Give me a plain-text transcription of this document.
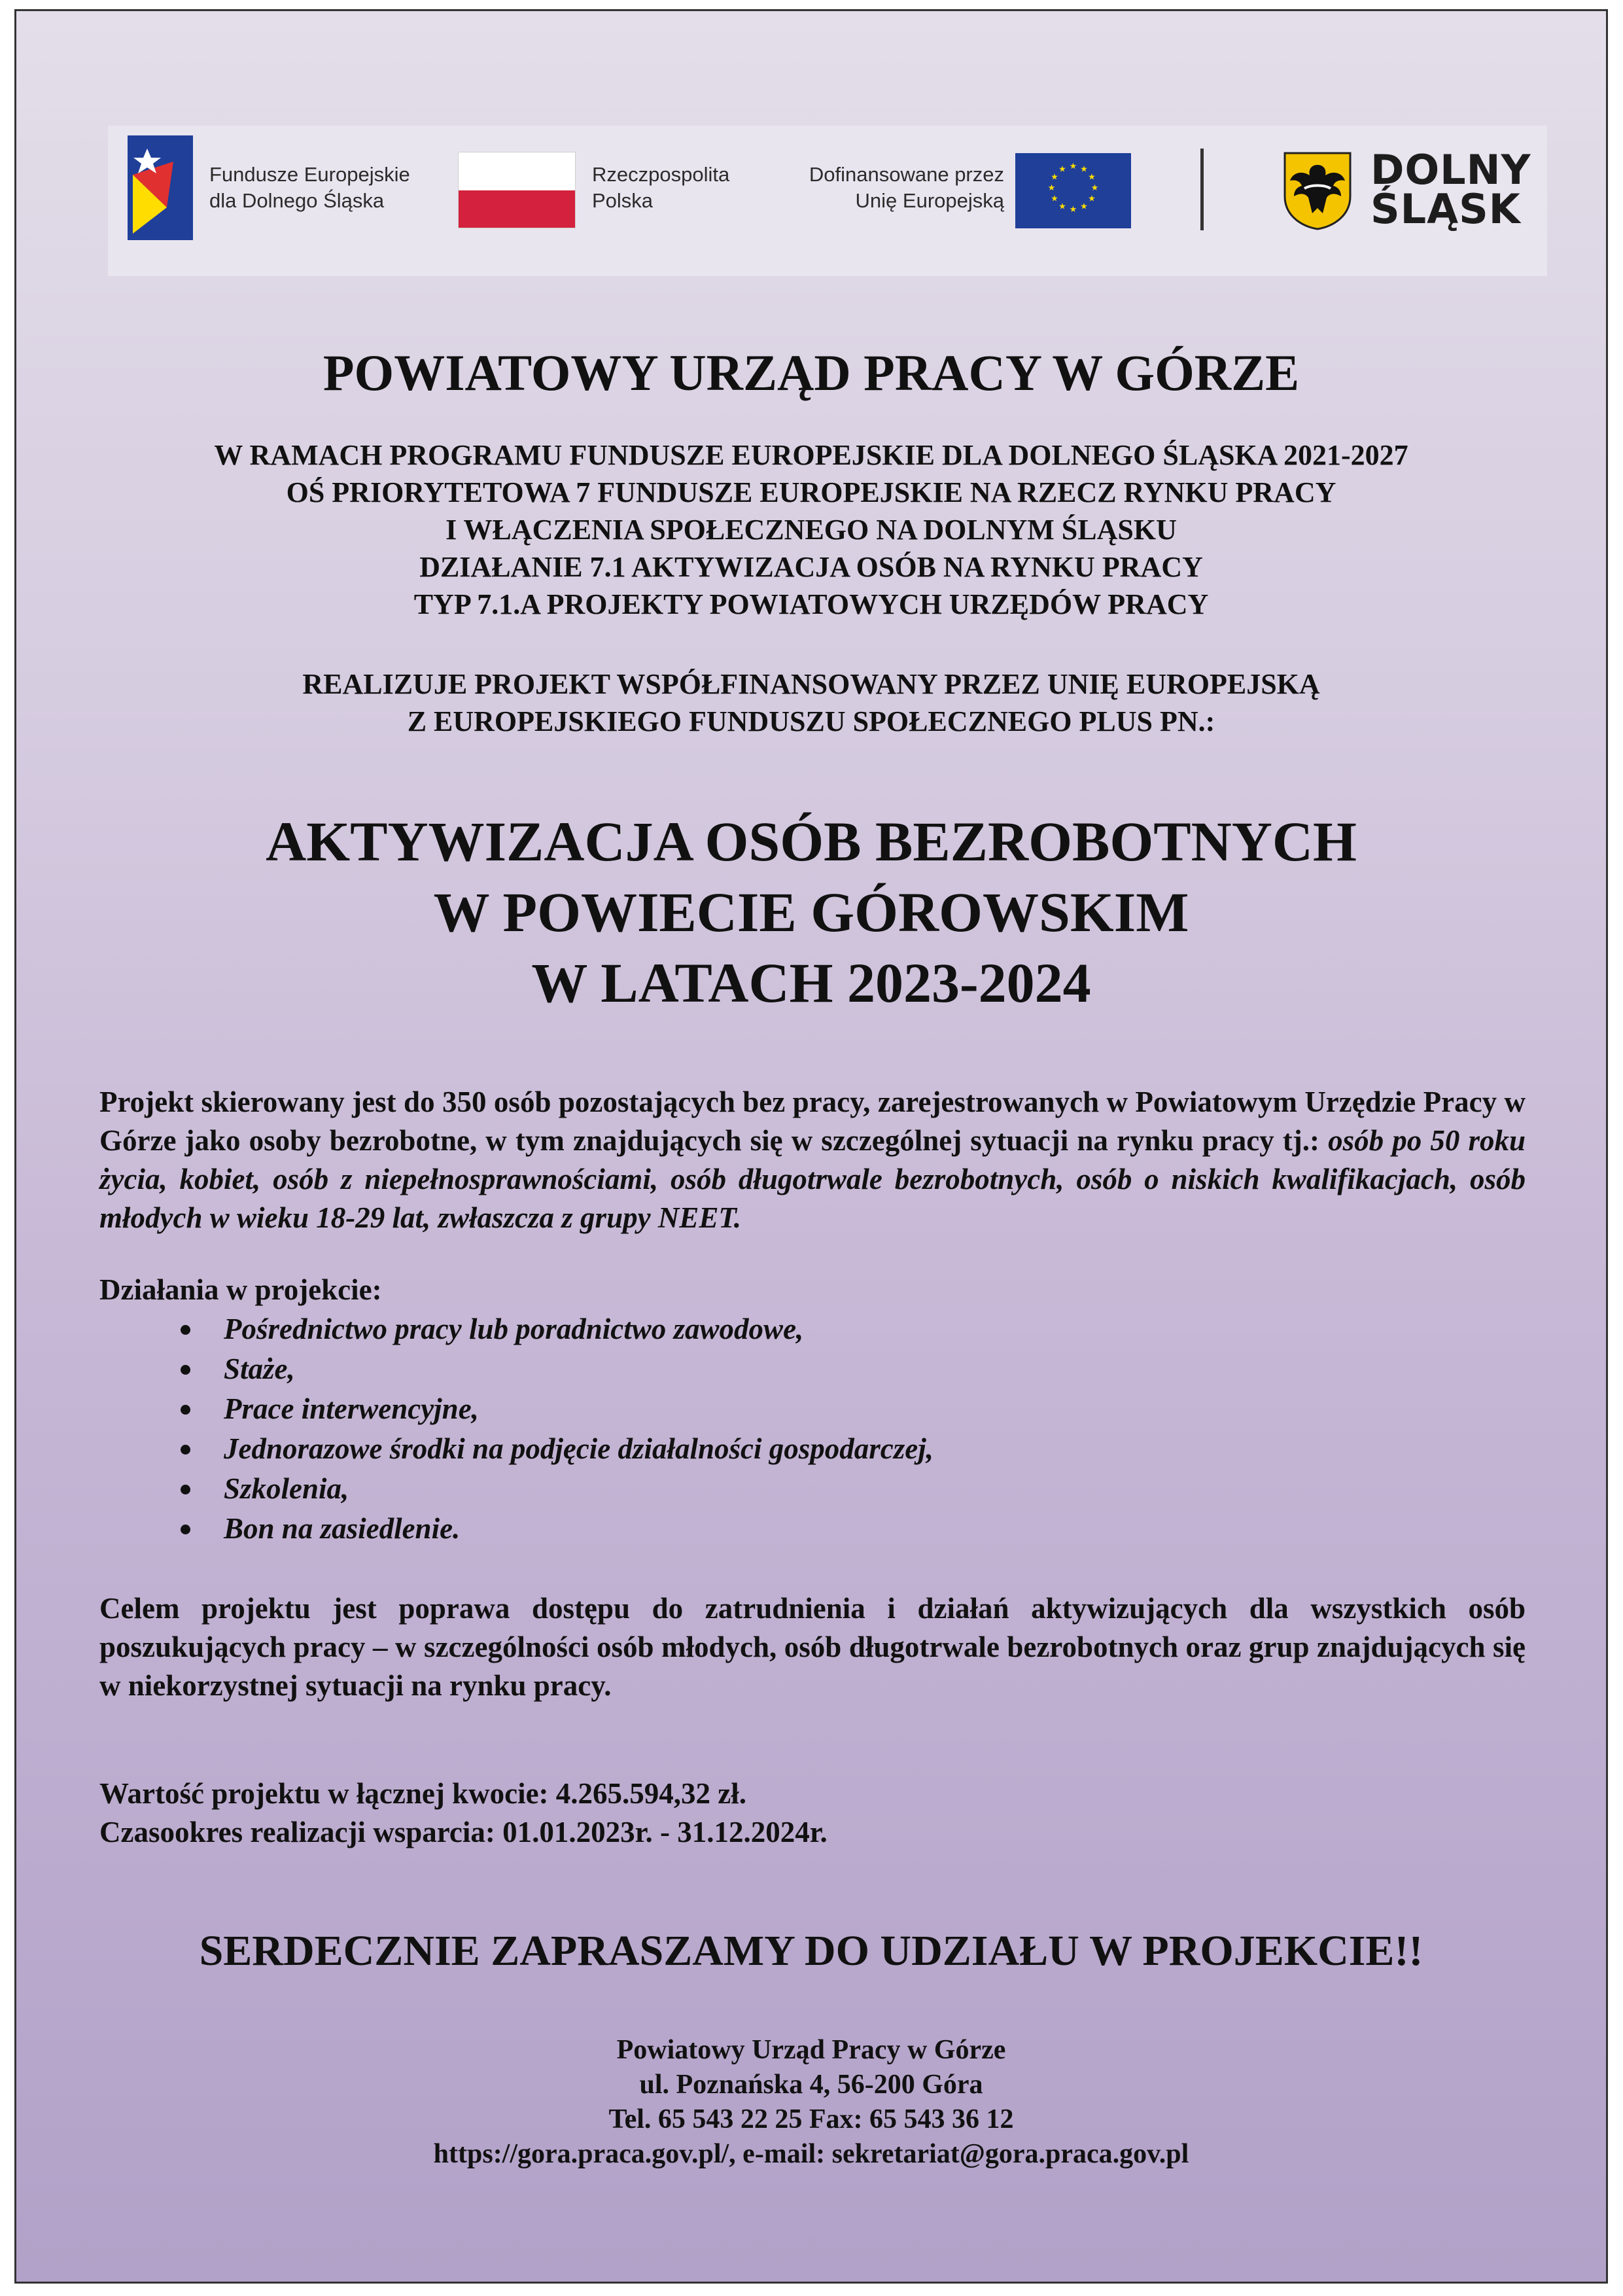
Fundusze Europejskie
dla Dolnego Śląska
Rzeczpospolita
Polska
Dofinansowane przez
Unię Europejską
★ ★
★
★
★
★
★
★
★
★
★
★	DOLNY
ŚLĄSK
POWIATOWY URZĄD PRACY W GÓRZE
W RAMACH PROGRAMU FUNDUSZE EUROPEJSKIE DLA DOLNEGO ŚLĄSKA 2021-2027
OŚ PRIORYTETOWA 7 FUNDUSZE EUROPEJSKIE NA RZECZ RYNKU PRACY
I WŁĄCZENIA SPOŁECZNEGO NA DOLNYM ŚLĄSKU
DZIAŁANIE 7.1 AKTYWIZACJA OSÓB NA RYNKU PRACY
TYP 7.1.A PROJEKTY POWIATOWYCH URZĘDÓW PRACY
REALIZUJE PROJEKT WSPÓŁFINANSOWANY PRZEZ UNIĘ EUROPEJSKĄ
Z EUROPEJSKIEGO FUNDUSZU SPOŁECZNEGO PLUS PN.:
AKTYWIZACJA OSÓB BEZROBOTNYCH
W POWIECIE GÓROWSKIM
W LATACH 2023-2024
Projekt skierowany jest do 350 osób pozostających bez pracy, zarejestrowanych w Powiatowym Urzędzie Pracy w Górze jako osoby bezrobotne, w tym znajdujących się w szczególnej sytuacji na rynku pracy tj.: osób po 50 roku życia, kobiet, osób z niepełnosprawnościami, osób długotrwale bezrobotnych, osób o niskich kwalifikacjach, osób młodych w wieku 18-29 lat, zwłaszcza z grupy NEET.
Działania w projekcie:
Pośrednictwo pracy lub poradnictwo zawodowe,
Staże,
Prace interwencyjne,
Jednorazowe środki na podjęcie działalności gospodarczej,
Szkolenia,
Bon na zasiedlenie.
Celem projektu jest poprawa dostępu do zatrudnienia i działań aktywizujących dla wszystkich osób poszukujących pracy – w szczególności osób młodych, osób długotrwale bezrobotnych oraz grup znajdujących się w niekorzystnej sytuacji na rynku pracy.
Wartość projektu w łącznej kwocie: 4.265.594,32 zł.
Czasookres realizacji wsparcia: 01.01.2023r. - 31.12.2024r.
SERDECZNIE ZAPRASZAMY DO UDZIAŁU W PROJEKCIE!!
Powiatowy Urząd Pracy w Górze
ul. Poznańska 4, 56-200 Góra
Tel. 65 543 22 25 Fax: 65 543 36 12
https://gora.praca.gov.pl/, e-mail: sekretariat@gora.praca.gov.pl
